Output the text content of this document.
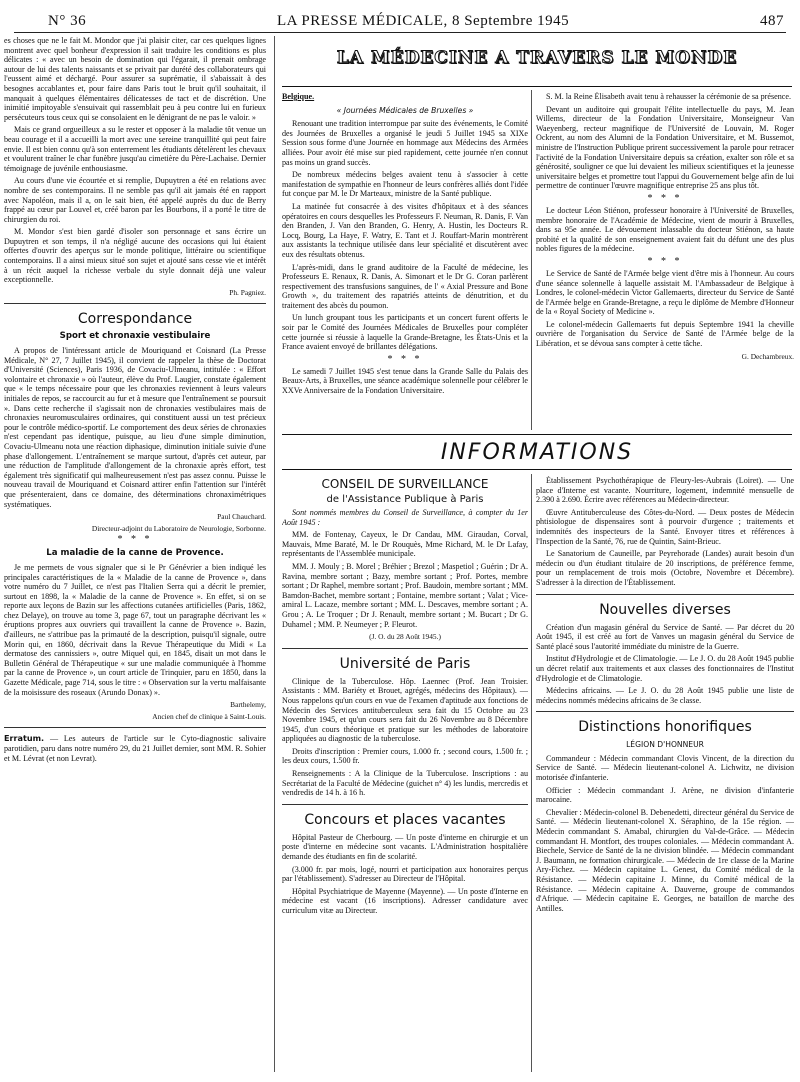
N° 36	LA PRESSE MÉDICALE, 8 Septembre 1945	487

es choses que ne le fait M. Mondor que j'ai plaisir citer, car ces quelques lignes montrent avec quel bonheur d'expression il sait traduire les conditions es plus délicates : « avec un besoin de domination qui l'égarait, il prenait ombrage autour de lui des talents naissants et se privait par durété des collaborateurs qui l'eussent aimé et déchargé. Pour assurer sa suprématie, il s'abaissait à des besognes accablantes et, pour faire dans Paris tout le bruit qu'il souhaitait, il manquait à quelques élémentaires délicatesses de tact et de discrétion. Une inimitié impitoyable s'ensuivait qui rassemblait peu à peu contre lui en furieux persécuteurs tous ceux qui se consolaient en le dénigrant de ne pas le valoir. »

Mais ce grand orgueilleux a su le rester et opposer à la maladie tôt venue un beau courage et il a accueilli la mort avec une sereine tranquillité qui peut faire envie. Il est bien connu qu'à son enterrement les étudiants dételèrent les chevaux et voulurent traîner le char funèbre jusqu'au cimetière du Père-Lachaise. Dernier témoignage de juvénile enthousiasme.

Au cours d'une vie écourtée et si remplie, Dupuytren a été en relations avec nombre de ses contemporains. Il ne semble pas qu'il ait jamais été en rapport avec Napoléon, mais il a, on le sait bien, été appelé auprès du duc de Berry frappé au cœur par Louvel et, créé baron par les Bourbons, il a porté le titre de chirurgien du roi.

M. Mondor s'est bien gardé d'isoler son personnage et sans écrire un Dupuytren et son temps, il n'a négligé aucune des occasions qui lui étaient offertes d'ouvrir des aperçus sur le monde politique, littéraire ou scientifique contemporains. Il a ainsi mieux situé son sujet et ajouté sans cesse vie et intérêt à un récit auquel la richesse verbale du style donnait déjà une valeur exceptionnelle.

Ph. Pagniez.
Correspondance
Sport et chronaxie vestibulaire

A propos de l'intéressant article de Mouriquand et Coisnard (La Presse Médicale, N° 27, 7 Juillet 1945), il convient de rappeler la thèse de Doctorat d'Université (Sciences), Paris 1936, de Covaciu-Ulmeanu, intitulée : « Effort volontaire et chronaxie » où l'auteur, élève du Prof. Laugier, constate également que « le temps nécessaire pour que les chronaxies reviennent à leurs valeurs initiales de repos, se raccourcit au fur et à mesure que l'entraînement se poursuit ». Dans cette recherche il s'agissait non de chronaxies vestibulaires mais de chronaxies neuromusculaires ordinaires, qui constituent aussi un test précieux pour le contrôle médico-sportif. Le comportement des deux séries de chronaxies n'est cependant pas identique, puisque, au lieu d'une simple diminution, Covaciu-Ulmeanu nota une réaction diphasique, diminution initiale suivie d'une phase d'allongement. L'entraînement se marque surtout, d'après cet auteur, par une réduction de l'amplitude d'allongement de la chronaxie après effort, test également très significatif qui malheureusement n'est pas assez connu. Puisse le nouveau travail de Mouriquand et Coisnard attirer enfin l'attention sur l'intérêt que présenteraient, dans ce domaine, des déterminations chronaximétriques systématiques.

Paul Chauchard.
Directeur-adjoint du Laboratoire de Neurologie, Sorbonne.
* * *
La maladie de la canne de Provence.

Je me permets de vous signaler que si le Pr Génévrier a bien indiqué les principales caractéristiques de la « Maladie de la canne de Provence », dans votre numéro du 7 Juillet, ce n'est pas l'Italien Serra qui a décrit le premier, surtout en 1898, la « Maladie de la canne de Provence ». En effet, si on se reporte aux leçons de Bazin sur les affections cutanées artificielles (Paris, 1862, chez Delaye), on trouve au tome 3, page 67, tout un paragraphe décrivant les « éruptions propres aux ouvriers qui travaillent la canne de Provence ». Bazin, d'ailleurs, ne s'attribue pas la primauté de la description, puisqu'il signale, outre Morin qui, en 1860, décrivait dans la Revue Thérapeutique du Midi « La dermatose des cannissiers », outre Miquel qui, en 1845, disait un mot dans le Bulletin Général de Thérapeutique « sur une maladie communiquée à l'homme par la canne de Provence », un court article de Trinquier, paru en 1850, dans la Gazette Médicale, page 714, sous le titre : « Observation sur la vertu malfaisante de la moisissure des roseaux (Arundo Donax) ».

Barthelemy,
Ancien chef de clinique à Saint-Louis.

Erratum. — Les auteurs de l'article sur le Cyto-diagnostic salivaire parotidien, paru dans notre numéro 29, du 21 Juillet dernier, sont MM. R. Sohier et M. Lévrat (et non Levrat).

LA MÉDECINE A TRAVERS LE MONDE

Belgique.

« Journées Médicales de Bruxelles »

Renouant une tradition interrompue par suite des événements, le Comité des Journées de Bruxelles a organisé le jeudi 5 Juillet 1945 sa XIXe Session sous forme d'une Journée en hommage aux Médecins des Armées alliées. Pour avoir été mise sur pied rapidement, cette journée n'en connut pas moins un grand succès.

De nombreux médecins belges avaient tenu à s'associer à cette manifestation de sympathie en l'honneur de leurs confrères alliés dont l'idée fut conçue par M. le Dr Marteaux, ministre de la Santé publique.

La matinée fut consacrée à des visites d'hôpitaux et à des séances opératoires en cours desquelles les Professeurs F. Neuman, R. Danis, F. Van den Branden, J. Van den Branden, G. Henry, A. Hustin, les Docteurs R. Locq, Bourg, La Haye, F. Watry, E. Tant et J. Rouffart-Marin montrèrent aux assistants la technique utilisée dans leur spécialité et discutèrent avec eux des résultats obtenus.

L'après-midi, dans le grand auditoire de la Faculté de médecine, les Professeurs E. Renaux, R. Danis, A. Simonart et le Dr G. Coran parlèrent respectivement des transfusions sanguines, de l' « Axial Pressure and Bone Growth », du traitement des rapatriés atteints de dénutrition, et du traitement des abcès du poumon.

Un lunch groupant tous les participants et un concert furent offerts le soir par le Comité des Journées Médicales de Bruxelles pour compléter cette journée si réussie à laquelle la Grande-Bretagne, les États-Unis et la France avaient envoyé de brillantes délégations.

* * *

Le samedi 7 Juillet 1945 s'est tenue dans la Grande Salle du Palais des Beaux-Arts, à Bruxelles, une séance académique solennelle pour célébrer le XXVe Anniversaire de la Fondation Universitaire.

S. M. la Reine Élisabeth avait tenu à rehausser la cérémonie de sa présence.

Devant un auditoire qui groupait l'élite intellectuelle du pays, M. Jean Willems, directeur de la Fondation Universitaire, Monseigneur Van Waeyenberg, recteur magnifique de l'Université de Louvain, M. Roger Ockrent, au nom des Alumni de la Fondation Universitaire, et M. Bussemot, ministre de l'Instruction Publique prirent successivement la parole pour retracer l'activité de la Fondation Universitaire depuis sa création, exalter son rôle et sa générosité, souligner ce que lui devaient les milieux scientifiques et la jeunesse universitaire belges et promettre tout l'appui du Gouvernement belge afin de lui permettre de continuer l'œuvre magnifique entreprise 25 ans plus tôt.

* * *

Le docteur Léon Stiénon, professeur honoraire à l'Université de Bruxelles, membre honoraire de l'Académie de Médecine, vient de mourir à Bruxelles, dans sa 95e année. Le dévouement inlassable du docteur Stiénon, sa haute probité et la qualité de son enseignement avaient fait du défunt une des plus nobles figures de la médecine.

* * *

Le Service de Santé de l'Armée belge vient d'être mis à l'honneur. Au cours d'une séance solennelle à laquelle assistait M. l'Ambassadeur de Belgique à Londres, le colonel-médecin Victor Gallemaerts, directeur du Service de Santé de l'Armée belge en Grande-Bretagne, a reçu le diplôme de Membre d'Honneur de la « Royal Society of Medicine ».

Le colonel-médecin Gallemaerts fut depuis Septembre 1941 la cheville ouvrière de l'organisation du Service de Santé de l'Armée belge de la Libération, et se dévoua sans compter à cette tâche.

G. Dechambreux.
INFORMATIONS
CONSEIL DE SURVEILLANCE
de l'Assistance Publique à Paris

Sont nommés membres du Conseil de Surveillance, à compter du 1er Août 1945 :

MM. de Fontenay, Cayeux, le Dr Candau, MM. Giraudan, Corval, Mauvais, Mme Baraté, M. le Dr Rouquès, Mme Richard, M. le Dr Lafay, représentants de l'Assemblée municipale.

MM. J. Mouly ; B. Morel ; Bréhier ; Brezol ; Maspetiol ; Guérin ; Dr A. Ravina, membre sortant ; Bazy, membre sortant ; Prof. Portes, membre sortant ; Dr Raphel, membre sortant ; Prof. Baudoin, membre sortant ; MM. Bamdon-Bachet, membre sortant ; Fontaine, membre sortant ; Valat ; Vice-amiral L. Lacaze, membre sortant ; MM. L. Descaves, membre sortant ; A. Grou ; A. Le Troquer ; Dr J. Renault, membre sortant ; M. Bucart ; Dr G. Duhamel ; MM. P. Neumeyer ; P. Fleurot.

(J. O. du 28 Août 1945.)
Université de Paris

Clinique de la Tuberculose. Hôp. Laennec (Prof. Jean Troisier. Assistants : MM. Bariéty et Brouet, agrégés, médecins des Hôpitaux). — Nous rappelons qu'un cours en vue de l'examen d'aptitude aux fonctions de Médecin des Services antituberculeux sera fait du 15 Octobre au 23 Novembre 1945, et qu'un cours sera fait du 26 Novembre au 8 Décembre 1945, d'un cours théorique et pratique sur les méthodes de laboratoire appliquées au diagnostic de la tuberculose.

Droits d'inscription : Premier cours, 1.000 fr. ; second cours, 1.500 fr. ; les deux cours, 1.500 fr.

Renseignements : A la Clinique de la Tuberculose. Inscriptions : au Secrétariat de la Faculté de Médecine (guichet n° 4) les lundis, mercredis et vendredis de 14 h. à 16 h.

Concours et places vacantes

Hôpital Pasteur de Cherbourg. — Un poste d'interne en chirurgie et un poste d'interne en médecine sont vacants. L'Administration hospitalière demande des étudiants en fin de scolarité.

(3.000 fr. par mois, logé, nourri et participation aux honoraires perçus par l'établissement). S'adresser au Directeur de l'Hôpital.

Hôpital Psychiatrique de Mayenne (Mayenne). — Un poste d'Interne en médecine est vacant (16 inscriptions). Adresser candidature avec curriculum vitæ au Directeur.

Établissement Psychothérapique de Fleury-les-Aubrais (Loiret). — Une place d'Interne est vacante. Nourriture, logement, indemnité mensuelle de 2.390 à 2.690. Écrire avec références au Médecin-directeur.

Œuvre Antituberculeuse des Côtes-du-Nord. — Deux postes de Médecin phtisiologue de dispensaires sont à pourvoir d'urgence ; traitements et indemnités des inspecteurs de la Santé. Envoyer titres et références à l'Inspection de la Santé, 76, rue de Quintin, Saint-Brieuc.

Le Sanatorium de Cauneille, par Peyrehorade (Landes) aurait besoin d'un médecin ou d'un étudiant titulaire de 20 inscriptions, de préférence femme, pour un remplacement de trois mois (Octobre, Novembre et Décembre). S'adresser à la direction de l'Établissement.

Nouvelles diverses

Création d'un magasin général du Service de Santé. — Par décret du 20 Août 1945, il est créé au fort de Vanves un magasin général du Service de Santé placé sous l'autorité immédiate du ministre de la Guerre.

Institut d'Hydrologie et de Climatologie. — Le J. O. du 28 Août 1945 publie un décret relatif aux traitements et aux classes des fonctionnaires de l'Institut d'Hydrologie et de Climatologie.

Médecins africains. — Le J. O. du 28 Août 1945 publie une liste de médecins nommés médecins africains de 3e classe.

Distinctions honorifiques
LÉGION D'HONNEUR

Commandeur : Médecin commandant Clovis Vincent, de la direction du Service de Santé. — Médecin lieutenant-colonel A. Lichwitz, ne division motorisée d'infanterie.

Officier : Médecin commandant J. Arène, ne division d'infanterie marocaine.

Chevalier : Médecin-colonel B. Debenedetti, directeur général du Service de Santé. — Médecin lieutenant-colonel X. Séraphino, de la 15e région. — Médecin commandant S. Amabal, chirurgien du Val-de-Grâce. — Médecin commandant H. Montfort, des troupes coloniales. — Médecin commandant A. Biechele, Service de Santé de la ne division blindée. — Médecin commandant J. Baumann, ne formation chirurgicale. — Médecin de 1re classe de la Marine Ary-Fichez. — Médecin capitaine L. Genest, du Comité médical de la Résistance. — Médecin capitaine J. Minne, du Comité médical de la Résistance. — Médecin capitaine A. Dauverne, groupe de commandos d'Afrique. — Médecin capitaine E. Georges, ne bataillon de marche des Antilles.
